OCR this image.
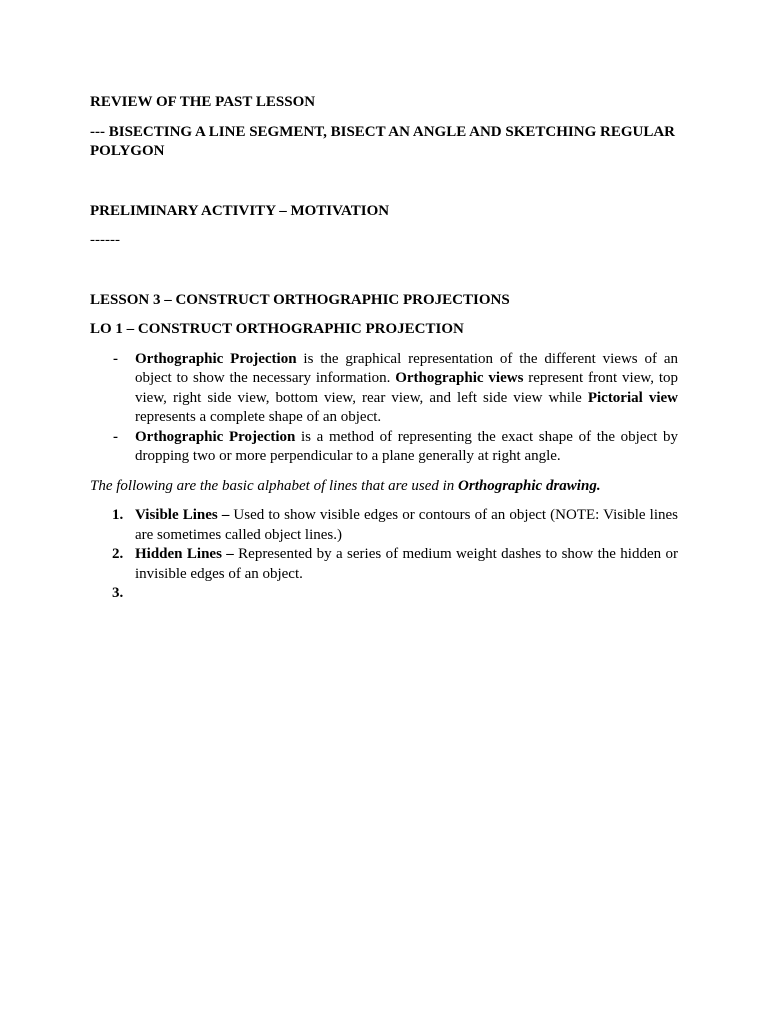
REVIEW OF THE PAST LESSON
--- BISECTING A LINE SEGMENT, BISECT AN ANGLE AND SKETCHING REGULAR POLYGON
PRELIMINARY ACTIVITY – MOTIVATION
------
LESSON 3 – CONSTRUCT ORTHOGRAPHIC PROJECTIONS
LO 1 – CONSTRUCT ORTHOGRAPHIC PROJECTION
- Orthographic Projection is the graphical representation of the different views of an object to show the necessary information. Orthographic views represent front view, top view, right side view, bottom view, rear view, and left side view while Pictorial view represents a complete shape of an object.
- Orthographic Projection is a method of representing the exact shape of the object by dropping two or more perpendicular to a plane generally at right angle.
The following are the basic alphabet of lines that are used in Orthographic drawing.
1. Visible Lines – Used to show visible edges or contours of an object (NOTE: Visible lines are sometimes called object lines.)
2. Hidden Lines – Represented by a series of medium weight dashes to show the hidden or invisible edges of an object.
3.
